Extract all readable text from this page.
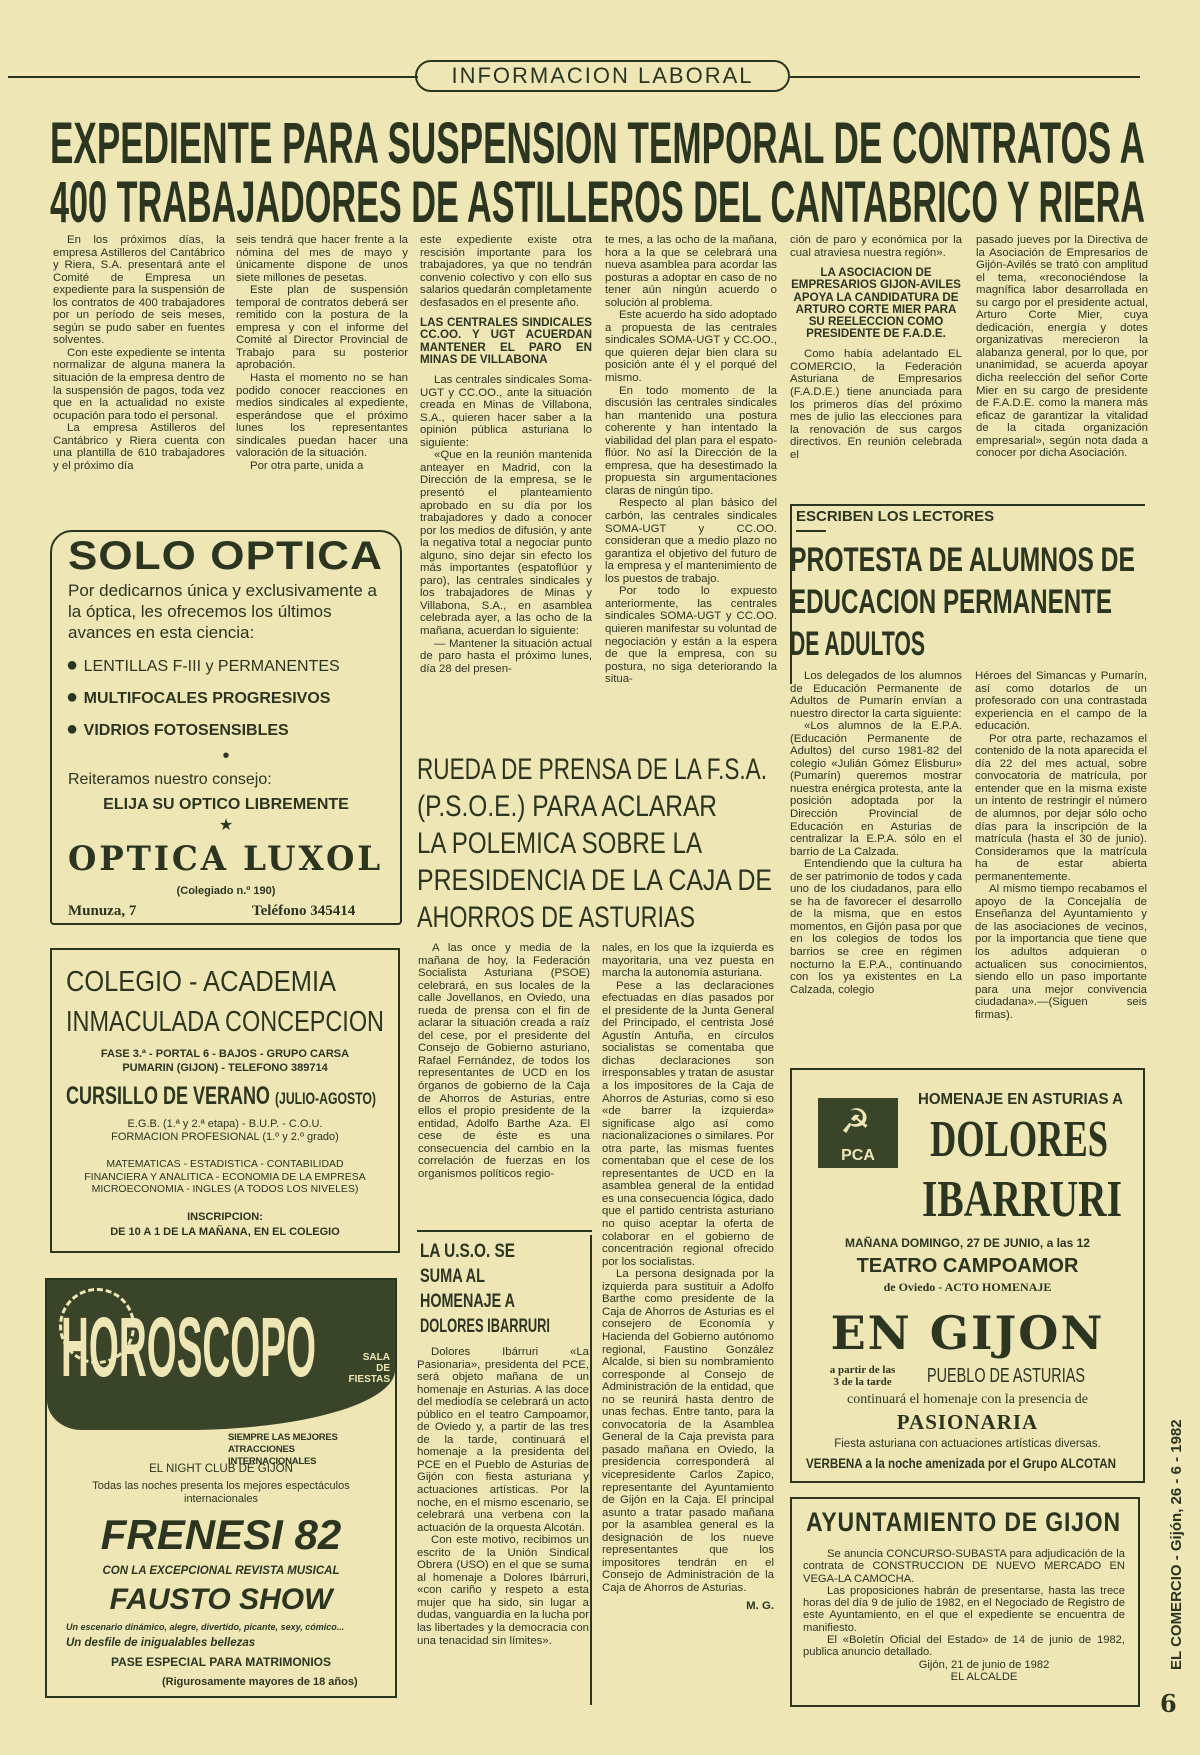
INFORMACION LABORAL
EXPEDIENTE PARA SUSPENSION TEMPORAL DE CONTRATOS A
400 TRABAJADORES DE ASTILLEROS DEL CANTABRICO Y RIERA

En los próximos días, la empresa Astilleros del Cantábrico y Riera, S.A. presentará ante el Comité de Empresa un expediente para la suspensión de los contratos de 400 trabajadores por un período de seis meses, según se pudo saber en fuentes solventes.

Con este expediente se intenta normalizar de alguna manera la situación de la empresa dentro de la suspensión de pagos, toda vez que en la actualidad no existe ocupación para todo el personal.

La empresa Astilleros del Cantábrico y Riera cuenta con una plantilla de 610 trabajadores y el próximo día

seis tendrá que hacer frente a la nómina del mes de mayo y únicamente dispone de unos siete millones de pesetas.

Este plan de suspensión temporal de contratos deberá ser remitido con la postura de la empresa y con el informe del Comité al Director Provincial de Trabajo para su posterior aprobación.

Hasta el momento no se han podido conocer reacciones en medios sindicales al expediente, esperándose que el próximo lunes los representantes sindicales puedan hacer una valoración de la situación.

Por otra parte, unida a

este expediente existe otra rescisión importante para los trabajadores, ya que no tendrán convenio colectivo y con ello sus salarios quedarán completamente desfasados en el presente año.

LAS CENTRALES SINDICALES CC.OO. Y UGT ACUERDAN MANTENER EL PARO EN MINAS DE VILLABONA

Las centrales sindicales Soma-UGT y CC.OO., ante la situación creada en Minas de Villabona, S.A., quieren hacer saber a la opinión pública asturiana lo siguiente:

«Que en la reunión mantenida anteayer en Madrid, con la Dirección de la empresa, se le presentó el planteamiento aprobado en su día por los trabajadores y dado a conocer por los medios de difusión, y ante la negativa total a negociar punto alguno, sino dejar sin efecto los más importantes (espatoflúor y paro), las centrales sindicales y los trabajadores de Minas y Villabona, S.A., en asamblea celebrada ayer, a las ocho de la mañana, acuerdan lo siguiente:

— Mantener la situación actual de paro hasta el próximo lunes, día 28 del presen-

te mes, a las ocho de la mañana, hora a la que se celebrará una nueva asamblea para acordar las posturas a adoptar en caso de no tener aún ningún acuerdo o solución al problema.

Este acuerdo ha sido adoptado a propuesta de las centrales sindicales SOMA-UGT y CC.OO., que quieren dejar bien clara su posición ante él y el porqué del mismo.

En todo momento de la discusión las centrales sindicales han mantenido una postura coherente y han intentado la viabilidad del plan para el espato-flúor. No así la Dirección de la empresa, que ha desestimado la propuesta sin argumentaciones claras de ningún tipo.

Respecto al plan básico del carbón, las centrales sindicales SOMA-UGT y CC.OO. consideran que a medio plazo no garantiza el objetivo del futuro de la empresa y el mantenimiento de los puestos de trabajo.

Por todo lo expuesto anteriormente, las centrales sindicales SOMA-UGT y CC.OO. quieren manifestar su voluntad de negociación y están a la espera de que la empresa, con su postura, no siga deteriorando la situa-

ción de paro y económica por la cual atraviesa nuestra región».

LA ASOCIACION DE EMPRESARIOS GIJON-AVILES APOYA LA CANDIDATURA DE ARTURO CORTE MIER PARA SU REELECCION COMO PRESIDENTE DE F.A.D.E.

Como había adelantado EL COMERCIO, la Federación Asturiana de Empresarios (F.A.D.E.) tiene anunciada para los primeros días del próximo mes de julio las elecciones para la renovación de sus cargos directivos. En reunión celebrada el

pasado jueves por la Directiva de la Asociación de Empresarios de Gijón-Avilés se trató con amplitud el tema, «reconociéndose la magnífica labor desarrollada en su cargo por el presidente actual, Arturo Corte Mier, cuya dedicación, energía y dotes organizativas merecieron la alabanza general, por lo que, por unanimidad, se acuerda apoyar dicha reelección del señor Corte Mier en su cargo de presidente de F.A.D.E. como la manera más eficaz de garantizar la vitalidad de la citada organización empresarial», según nota dada a conocer por dicha Asociación.

SOLO OPTICA
Por dedicarnos única y exclusivamente a la óptica, les ofrecemos los últimos avances en esta ciencia:
● LENTILLAS F-III y PERMANENTES
● MULTIFOCALES PROGRESIVOS
● VIDRIOS FOTOSENSIBLES
•
Reiteramos nuestro consejo:
ELIJA SU OPTICO LIBREMENTE
★
OPTICA LUXOL
(Colegiado n.º 190)
Munuza, 7	Teléfono 345414
COLEGIO - ACADEMIA
INMACULADA CONCEPCION
FASE 3.ª - PORTAL 6 - BAJOS - GRUPO CARSA
PUMARIN (GIJON) - TELEFONO 389714
CURSILLO DE VERANO (JULIO-AGOSTO)
E.G.B. (1.ª y 2.ª etapa) - B.U.P. - C.O.U.
FORMACION PROFESIONAL (1.º y 2.º grado)
MATEMATICAS - ESTADISTICA - CONTABILIDAD
FINANCIERA Y ANALITICA - ECONOMIA DE LA EMPRESA
MICROECONOMIA - INGLES (A TODOS LOS NIVELES)
INSCRIPCION:
DE 10 A 1 DE LA MAÑANA, EN EL COLEGIO
HOROSCOPO	SALA
DE
FIESTAS
SIEMPRE LAS MEJORES ATRACCIONES
INTERNACIONALES
EL NIGHT CLUB DE GIJON
Todas las noches presenta los mejores espectáculos
internacionales
FRENESI 82
CON LA EXCEPCIONAL REVISTA MUSICAL
FAUSTO SHOW
Un escenario dinámico, alegre, divertido, picante, sexy, cómico...
Un desfile de inigualables bellezas
PASE ESPECIAL PARA MATRIMONIOS
(Rigurosamente mayores de 18 años)
RUEDA DE PRENSA DE LA F.S.A.
(P.S.O.E.) PARA ACLARAR
LA POLEMICA SOBRE LA
PRESIDENCIA DE LA CAJA DE
AHORROS DE ASTURIAS

A las once y media de la mañana de hoy, la Federación Socialista Asturiana (PSOE) celebrará, en sus locales de la calle Jovellanos, en Oviedo, una rueda de prensa con el fin de aclarar la situación creada a raíz del cese, por el presidente del Consejo de Gobierno asturiano, Rafael Fernández, de todos los representantes de UCD en los órganos de gobierno de la Caja de Ahorros de Asturias, entre ellos el propio presidente de la entidad, Adolfo Barthe Aza. El cese de éste es una consecuencia del cambio en la correlación de fuerzas en los organismos políticos regio-

nales, en los que la izquierda es mayoritaria, una vez puesta en marcha la autonomía asturiana.

Pese a las declaraciones efectuadas en días pasados por el presidente de la Junta General del Principado, el centrista José Agustín Antuña, en círculos socialistas se comentaba que dichas declaraciones son irresponsables y tratan de asustar a los impositores de la Caja de Ahorros de Asturias, como si eso «de barrer la izquierda» significase algo así como nacionalizaciones o similares. Por otra parte, las mismas fuentes comentaban que el cese de los representantes de UCD en la asamblea general de la entidad es una consecuencia lógica, dado que el partido centrista asturiano no quiso aceptar la oferta de colaborar en el gobierno de concentración regional ofrecido por los socialistas.

La persona designada por la izquierda para sustituir a Adolfo Barthe como presidente de la Caja de Ahorros de Asturias es el consejero de Economía y Hacienda del Gobierno autónomo regional, Faustino González Alcalde, si bien su nombramiento corresponde al Consejo de Administración de la entidad, que no se reunirá hasta dentro de unas fechas. Entre tanto, para la convocatoria de la Asamblea General de la Caja prevista para pasado mañana en Oviedo, la presidencia corresponderá al vicepresidente Carlos Zapico, representante del Ayuntamiento de Gijón en la Caja. El principal asunto a tratar pasado mañana por la asamblea general es la designación de los nueve representantes que los impositores tendrán en el Consejo de Administración de la Caja de Ahorros de Asturias.

M. G.

LA U.S.O. SE
SUMA AL
HOMENAJE A
DOLORES IBARRURI

Dolores Ibárruri «La Pasionaria», presidenta del PCE, será objeto mañana de un homenaje en Asturias. A las doce del mediodía se celebrará un acto público en el teatro Campoamor, de Oviedo y, a partir de las tres de la tarde, continuará el homenaje a la presidenta del PCE en el Pueblo de Asturias de Gijón con fiesta asturiana y actuaciones artísticas. Por la noche, en el mismo escenario, se celebrará una verbena con la actuación de la orquesta Alcotán.

Con este motivo, recibimos un escrito de la Unión Sindical Obrera (USO) en el que se suma al homenaje a Dolores Ibárruri, «con cariño y respeto a esta mujer que ha sido, sin lugar a dudas, vanguardia en la lucha por las libertades y la democracia con una tenacidad sin límites».

ESCRIBEN LOS LECTORES
PROTESTA DE ALUMNOS DE
EDUCACION PERMANENTE
DE ADULTOS

Los delegados de los alumnos de Educación Permanente de Adultos de Pumarín envían a nuestro director la carta siguiente:

«Los alumnos de la E.P.A. (Educación Permanente de Adultos) del curso 1981-82 del colegio «Julián Gómez Elisburu» (Pumarín) queremos mostrar nuestra enérgica protesta, ante la posición adoptada por la Dirección Provincial de Educación en Asturias de centralizar la E.P.A. sólo en el barrio de La Calzada.

Entendiendo que la cultura ha de ser patrimonio de todos y cada uno de los ciudadanos, para ello se ha de favorecer el desarrollo de la misma, que en estos momentos, en Gijón pasa por que en los colegios de todos los barrios se cree en régimen nocturno la E.P.A., continuando con los ya existentes en La Calzada, colegio

Héroes del Simancas y Pumarín, así como dotarlos de un profesorado con una contrastada experiencia en el campo de la educación.

Por otra parte, rechazamos el contenido de la nota aparecida el día 22 del mes actual, sobre convocatoria de matrícula, por entender que en la misma existe un intento de restringir el número de alumnos, por dejar sólo ocho días para la inscripción de la matrícula (hasta el 30 de junio). Consideramos que la matrícula ha de estar abierta permanentemente.

Al mismo tiempo recabamos el apoyo de la Concejalía de Enseñanza del Ayuntamiento y de las asociaciones de vecinos, por la importancia que tiene que los adultos adquieran o actualicen sus conocimientos, siendo ello un paso importante para una mejor convivencia ciudadana».—(Siguen seis firmas).

☭
PCA
HOMENAJE EN ASTURIAS A
DOLORES
IBARRURI
MAÑANA DOMINGO, 27 DE JUNIO, a las 12
TEATRO CAMPOAMOR
de Oviedo - ACTO HOMENAJE
EN GIJON
a partir de las
3 de la tarde	PUEBLO DE ASTURIAS
continuará el homenaje con la presencia de
PASIONARIA
Fiesta asturiana con actuaciones artísticas diversas.
VERBENA a la noche amenizada por el Grupo ALCOTAN
AYUNTAMIENTO DE GIJON
Se anuncia CONCURSO-SUBASTA para adjudicación de la contrata de CONSTRUCCION DE NUEVO MERCADO EN VEGA-LA CAMOCHA.
Las proposiciones habrán de presentarse, hasta las trece horas del día 9 de julio de 1982, en el Negociado de Registro de este Ayuntamiento, en el que el expediente se encuentra de manifiesto.
El «Boletín Oficial del Estado» de 14 de junio de 1982, publica anuncio detallado.
Gijón, 21 de junio de 1982
EL ALCALDE
EL COMERCIO - Gijón, 26 - 6 - 1982
6
